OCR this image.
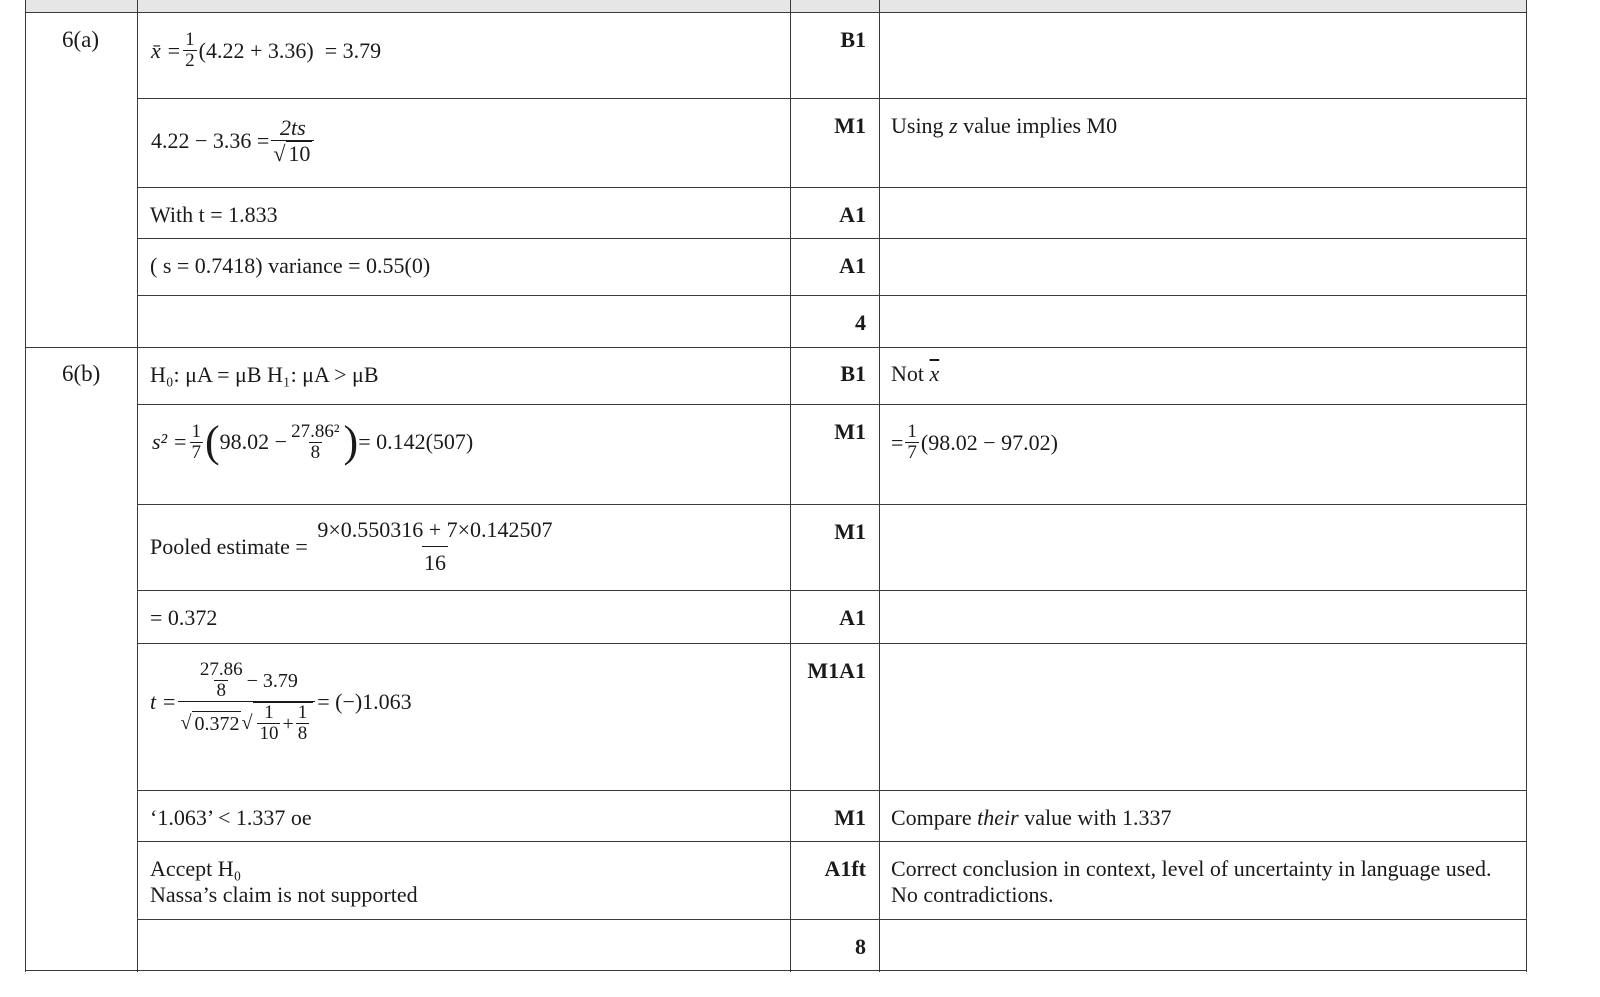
6(a)
6(b)
B1
M1
A1
A1
4
B1
M1
M1
A1
M1A1
M1
A1ft
8
Using z value implies M0
Not $\overline{x}$
= $\frac{1}{7} (98.02 - 97.02)$
Compare their value with 1.337
Correct conclusion in context, level of uncertainty in language used. No contradictions.
x̄ = $\frac{1}{2} (4.22 + 3.36)$
= 3.79
$4.22 - 3.36 = \frac{2ts}{√ 10}$
With t = 1.833
( s = 0.7418) variance = 0.55(0)
H₀: μA = μB H₁: μA > μB
$s^2 = \frac{1}{7}$ ( $98.02 - \frac{\text{27.86²}}{8}$ ) = 0.142(507)
Pooled estimate =
$\frac{9\times 0.550316 + 7\times 0.142507}{16}$
= 0.372
$t = \frac{\frac{27.86}{8} - 3.79}{√ 0.372 √ \frac{1}{10} + \frac{1}{8}} = (-)1.063$
‘1.063’ < 1.337 oe
Accept H₀
Nassa’s claim is not supported
